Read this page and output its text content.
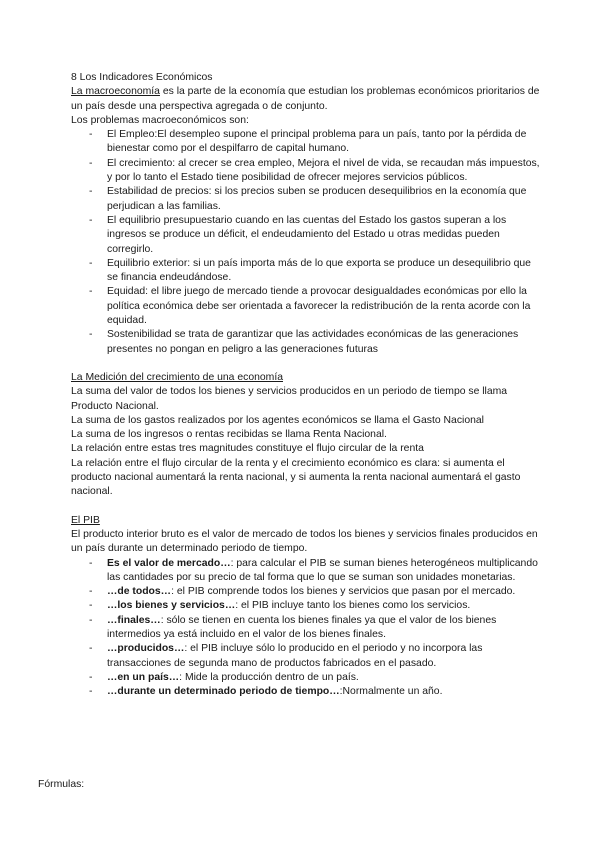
8 Los Indicadores Económicos

La macroeconomía es la parte de la economía que estudian los problemas económicos prioritarios de un país desde una perspectiva agregada o de conjunto.

Los problemas macroeconómicos son:

- El Empleo:El desempleo supone el principal problema para un país, tanto por la pérdida de bienestar como por el despilfarro de capital humano.
- El crecimiento: al crecer se crea empleo, Mejora el nivel de vida, se recaudan más impuestos, y por lo tanto el Estado tiene posibilidad de ofrecer mejores servicios públicos.
- Estabilidad de precios: si los precios suben se producen desequilibrios en la economía que perjudican a las familias.
- El equilibrio presupuestario cuando en las cuentas del Estado los gastos superan a los ingresos se produce un déficit, el endeudamiento del Estado u otras medidas pueden corregirlo.
- Equilibrio exterior: si un país importa más de lo que exporta se produce un desequilibrio que se financia endeudándose.
- Equidad: el libre juego de mercado tiende a provocar desigualdades económicas por ello la política económica debe ser orientada a favorecer la redistribución de la renta acorde con la equidad.
- Sostenibilidad se trata de garantizar que las actividades económicas de las generaciones presentes no pongan en peligro a las generaciones futuras

La Medición del crecimiento de una economía

La suma del valor de todos los bienes y servicios producidos en un periodo de tiempo se llama Producto Nacional.

La suma de los gastos realizados por los agentes económicos se llama el Gasto Nacional

La suma de los ingresos o rentas recibidas se llama Renta Nacional.

La relación entre estas tres magnitudes constituye el flujo circular de la renta

La relación entre el flujo circular de la renta y el crecimiento económico es clara: si aumenta el producto nacional aumentará la renta nacional, y si aumenta la renta nacional aumentará el gasto nacional.

El PIB

El producto interior bruto es el valor de mercado de todos los bienes y servicios finales producidos en un país durante un determinado periodo de tiempo.

- Es el valor de mercado…: para calcular el PIB se suman bienes heterogéneos multiplicando las cantidades por su precio de tal forma que lo que se suman son unidades monetarias.
- …de todos…: el PIB comprende todos los bienes y servicios que pasan por el mercado.
- …los bienes y servicios…: el PIB incluye tanto los bienes como los servicios.
- …finales…: sólo se tienen en cuenta los bienes finales ya que el valor de los bienes intermedios ya está incluido en el valor de los bienes finales.
- …producidos…: el PIB incluye sólo lo producido en el periodo y no incorpora las transacciones de segunda mano de productos fabricados en el pasado.
- …en un país…: Mide la producción dentro de un país.
- …durante un determinado periodo de tiempo…:Normalmente un año.

Fórmulas:
